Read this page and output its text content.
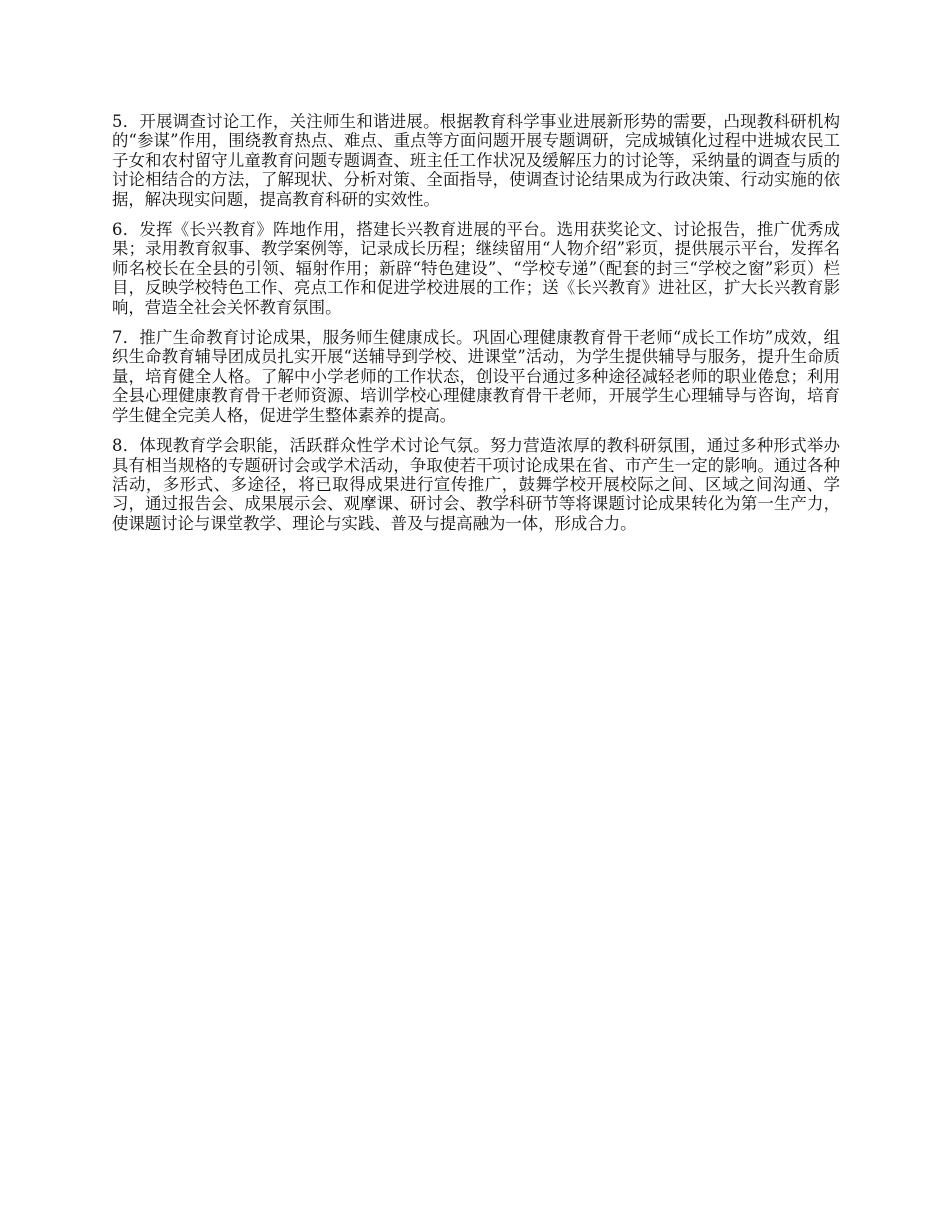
5．开展调查讨论工作，关注师生和谐进展。根据教育科学事业进展新形势的需要，凸现教科研机构的“参谋”作用，围绕教育热点、难点、重点等方面问题开展专题调研，完成城镇化过程中进城农民工子女和农村留守儿童教育问题专题调查、班主任工作状况及缓解压力的讨论等，采纳量的调查与质的讨论相结合的方法，了解现状、分析对策、全面指导，使调查讨论结果成为行政决策、行动实施的依据，解决现实问题，提高教育科研的实效性。

6．发挥《长兴教育》阵地作用，搭建长兴教育进展的平台。选用获奖论文、讨论报告，推广优秀成果；录用教育叙事、教学案例等，记录成长历程；继续留用“人物介绍”彩页，提供展示平台，发挥名师名校长在全县的引领、辐射作用；新辟“特色建设”、“学校专递”（配套的封三“学校之窗”彩页）栏目，反映学校特色工作、亮点工作和促进学校进展的工作；送《长兴教育》进社区，扩大长兴教育影响，营造全社会关怀教育氛围。

7．推广生命教育讨论成果，服务师生健康成长。巩固心理健康教育骨干老师“成长工作坊”成效，组织生命教育辅导团成员扎实开展“送辅导到学校、进课堂”活动，为学生提供辅导与服务，提升生命质量，培育健全人格。了解中小学老师的工作状态，创设平台通过多种途径减轻老师的职业倦怠；利用全县心理健康教育骨干老师资源、培训学校心理健康教育骨干老师，开展学生心理辅导与咨询，培育学生健全完美人格，促进学生整体素养的提高。

8．体现教育学会职能，活跃群众性学术讨论气氛。努力营造浓厚的教科研氛围，通过多种形式举办具有相当规格的专题研讨会或学术活动，争取使若干项讨论成果在省、市产生一定的影响。通过各种活动，多形式、多途径，将已取得成果进行宣传推广，鼓舞学校开展校际之间、区域之间沟通、学习，通过报告会、成果展示会、观摩课、研讨会、教学科研节等将课题讨论成果转化为第一生产力，使课题讨论与课堂教学、理论与实践、普及与提高融为一体，形成合力。
